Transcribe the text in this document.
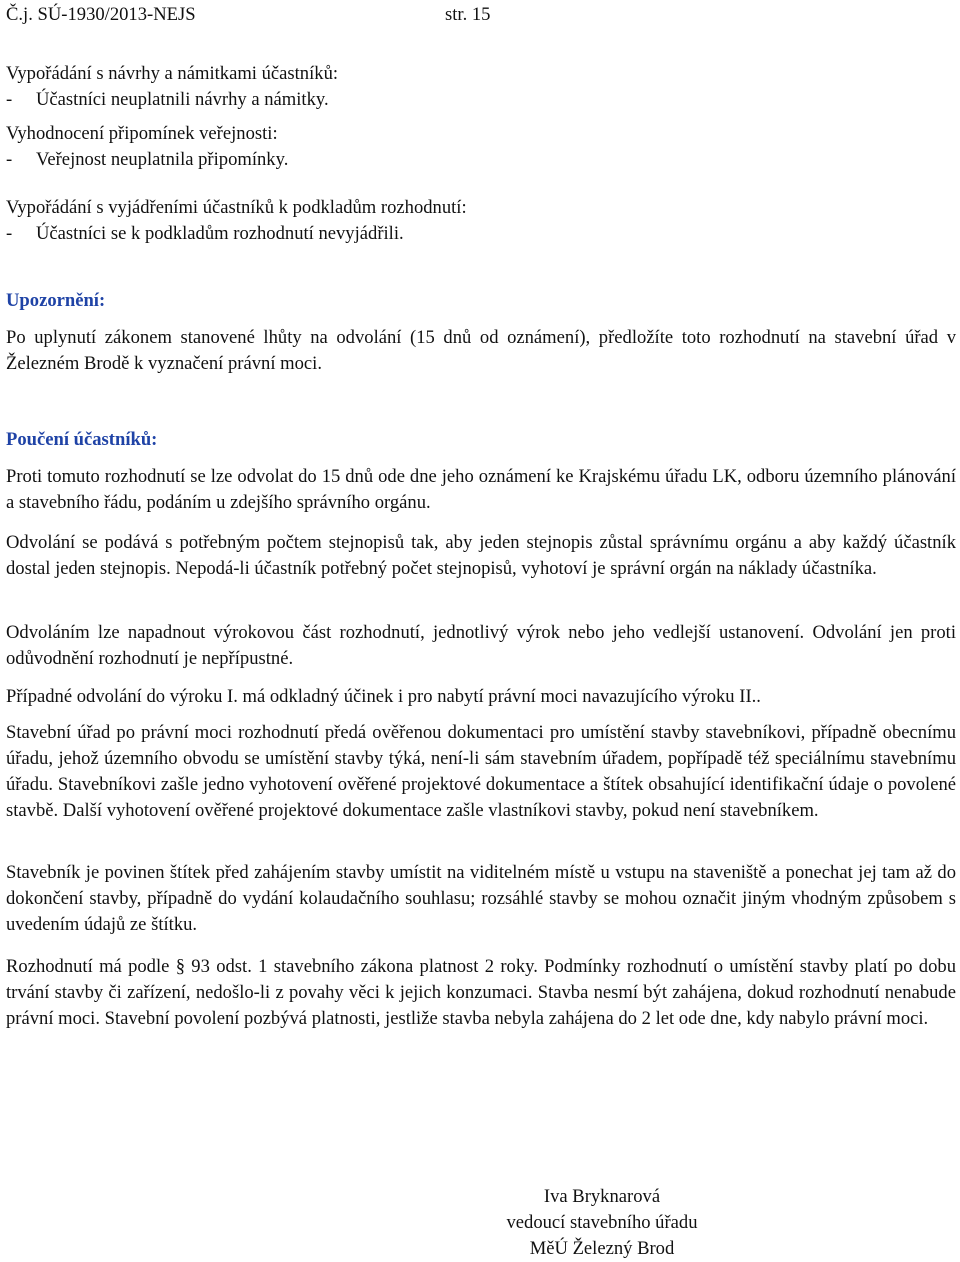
Č.j. SÚ-1930/2013-NEJS	str. 15
Vypořádání s návrhy a námitkami účastníků:
- Účastníci neuplatnili návrhy a námitky.
Vyhodnocení připomínek veřejnosti:
- Veřejnost neuplatnila připomínky.
Vypořádání s vyjádřeními účastníků k podkladům rozhodnutí:
- Účastníci se k podkladům rozhodnutí nevyjádřili.
Upozornění:

Po uplynutí zákonem stanovené lhůty na odvolání (15 dnů od oznámení), předložíte toto rozhodnutí na stavební úřad v Železném Brodě k vyznačení právní moci.

Poučení účastníků:

Proti tomuto rozhodnutí se lze odvolat do 15 dnů ode dne jeho oznámení ke Krajskému úřadu LK, odboru územního plánování a stavebního řádu, podáním u zdejšího správního orgánu.

Odvolání se podává s potřebným počtem stejnopisů tak, aby jeden stejnopis zůstal správnímu orgánu a aby každý účastník dostal jeden stejnopis. Nepodá-li účastník potřebný počet stejnopisů, vyhotoví je správní orgán na náklady účastníka.

Odvoláním lze napadnout výrokovou část rozhodnutí, jednotlivý výrok nebo jeho vedlejší ustanovení. Odvolání jen proti odůvodnění rozhodnutí je nepřípustné.

Případné odvolání do výroku I. má odkladný účinek i pro nabytí právní moci navazujícího výroku II..

Stavební úřad po právní moci rozhodnutí předá ověřenou dokumentaci pro umístění stavby stavebníkovi, případně obecnímu úřadu, jehož územního obvodu se umístění stavby týká, není-li sám stavebním úřadem, popřípadě též speciálnímu stavebnímu úřadu. Stavebníkovi zašle jedno vyhotovení ověřené projektové dokumentace a štítek obsahující identifikační údaje o povolené stavbě. Další vyhotovení ověřené projektové dokumentace zašle vlastníkovi stavby, pokud není stavebníkem.

Stavebník je povinen štítek před zahájením stavby umístit na viditelném místě u vstupu na staveniště a ponechat jej tam až do dokončení stavby, případně do vydání kolaudačního souhlasu; rozsáhlé stavby se mohou označit jiným vhodným způsobem s uvedením údajů ze štítku.

Rozhodnutí má podle § 93 odst. 1 stavebního zákona platnost 2 roky. Podmínky rozhodnutí o umístění stavby platí po dobu trvání stavby či zařízení, nedošlo-li z povahy věci k jejich konzumaci. Stavba nesmí být zahájena, dokud rozhodnutí nenabude právní moci. Stavební povolení pozbývá platnosti, jestliže stavba nebyla zahájena do 2 let ode dne, kdy nabylo právní moci.

Iva Bryknarová
vedoucí stavebního úřadu
MěÚ Železný Brod
